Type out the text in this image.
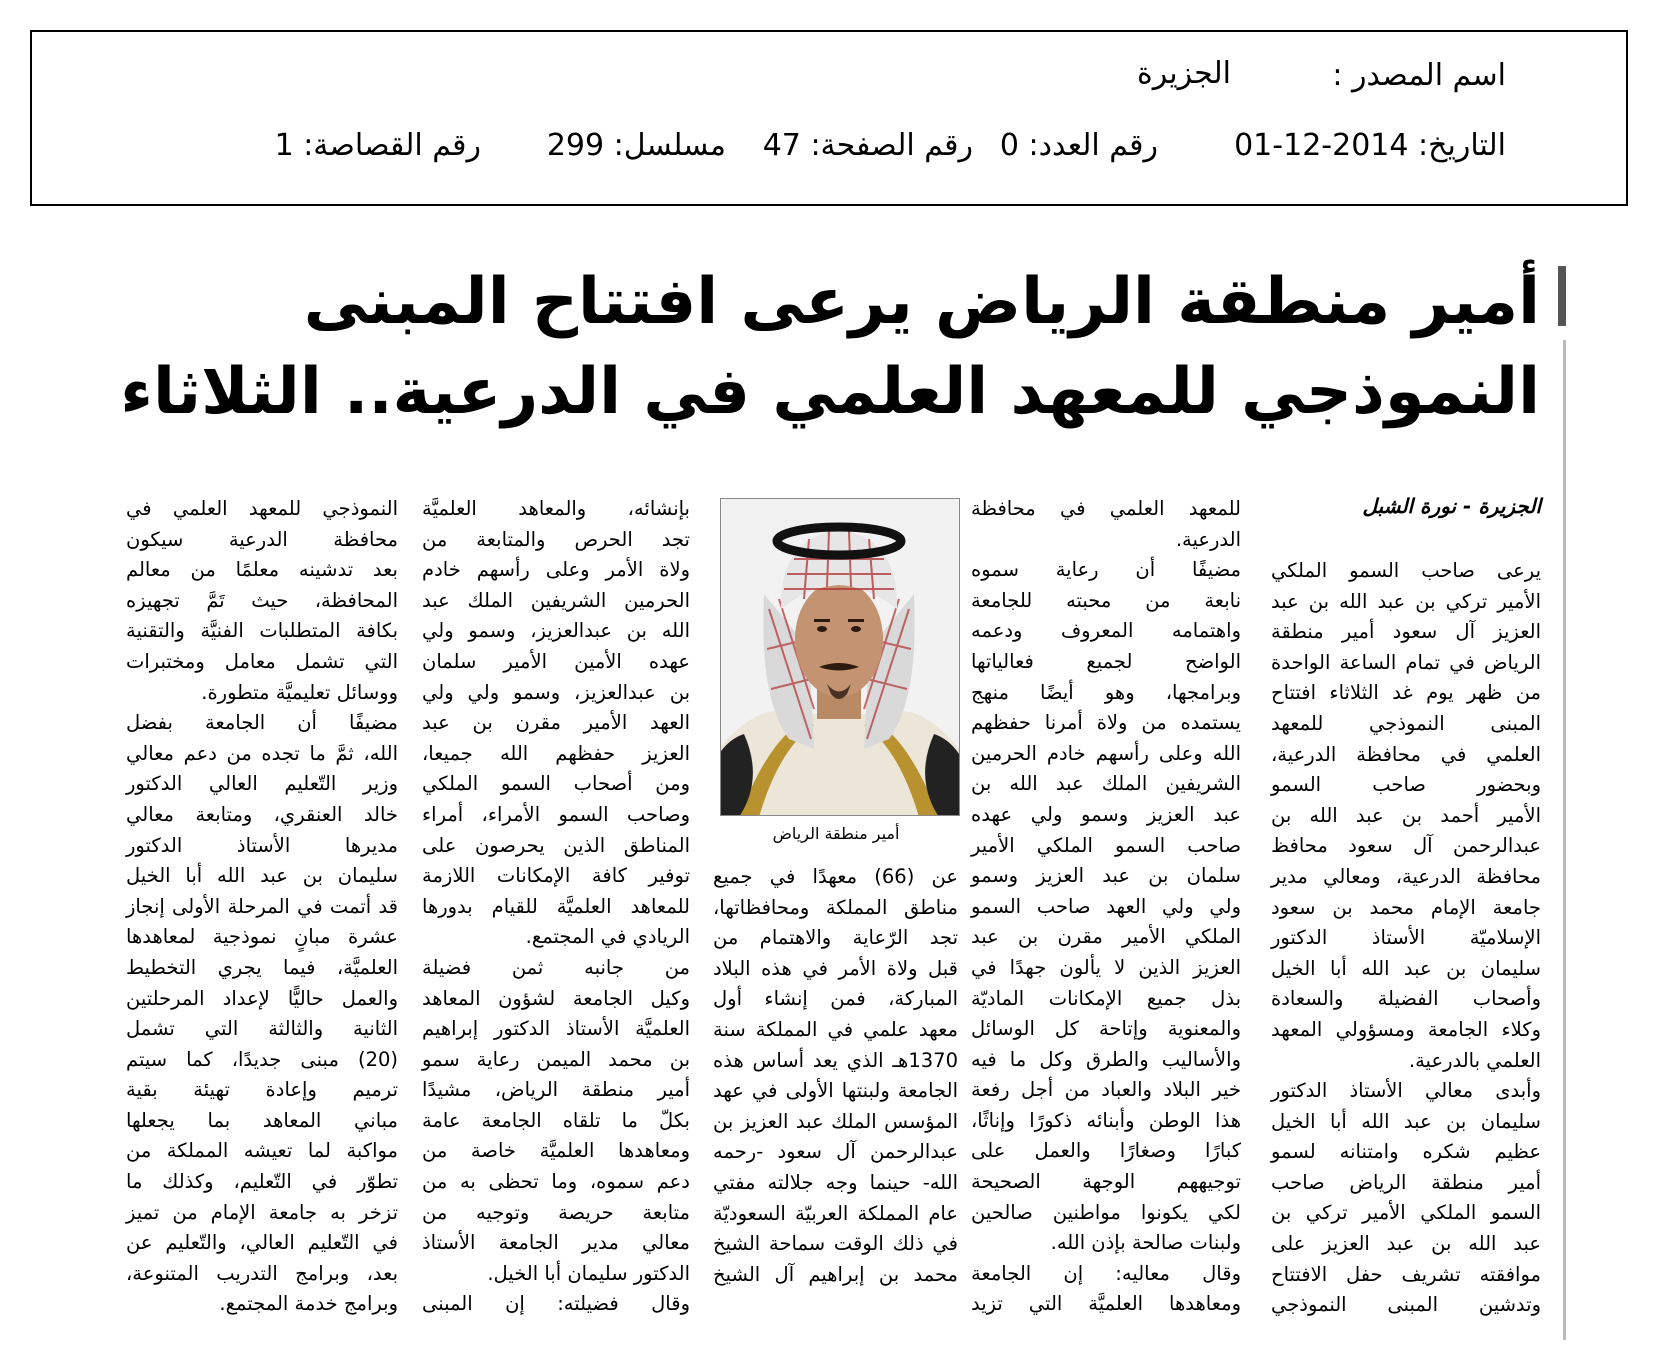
اسم المصدر :
الجزيرة
التاريخ: 2014-12-01
رقم العدد: 0
رقم الصفحة: 47
مسلسل: 299
رقم القصاصة: 1
أمير منطقة الرياض يرعى افتتاح المبنى
النموذجي للمعهد العلمي في الدرعية.. الثلاثاء
الجزيرة - نورة الشبل

يرعى صاحب السمو الملكي

الأمير تركي بن عبد الله بن عبد

العزيز آل سعود أمير منطقة

الرياض في تمام الساعة الواحدة

من ظهر يوم غد الثلاثاء افتتاح

المبنى النموذجي للمعهد

العلمي في محافظة الدرعية،

وبحضور صاحب السمو

الأمير أحمد بن عبد الله بن

عبدالرحمن آل سعود محافظ

محافظة الدرعية، ومعالي مدير

جامعة الإمام محمد بن سعود

الإسلاميّة الأستاذ الدكتور

سليمان بن عبد الله أبا الخيل

وأصحاب الفضيلة والسعادة

وكلاء الجامعة ومسؤولي المعهد

العلمي بالدرعية.

وأبدى معالي الأستاذ الدكتور

سليمان بن عبد الله أبا الخيل

عظيم شكره وامتنانه لسمو

أمير منطقة الرياض صاحب

السمو الملكي الأمير تركي بن

عبد الله بن عبد العزيز على

موافقته تشريف حفل الافتتاح

وتدشين المبنى النموذجي

للمعهد العلمي في محافظة

الدرعية.

مضيفًا أن رعاية سموه

نابعة من محبته للجامعة

واهتمامه المعروف ودعمه

الواضح لجميع فعالياتها

وبرامجها، وهو أيضًا منهج

يستمده من ولاة أمرنا حفظهم

الله وعلى رأسهم خادم الحرمين

الشريفين الملك عبد الله بن

عبد العزيز وسمو ولي عهده

صاحب السمو الملكي الأمير

سلمان بن عبد العزيز وسمو

ولي ولي العهد صاحب السمو

الملكي الأمير مقرن بن عبد

العزيز الذين لا يألون جهدًا في

بذل جميع الإمكانات الماديّة

والمعنوية وإتاحة كل الوسائل

والأساليب والطرق وكل ما فيه

خير البلاد والعباد من أجل رفعة

هذا الوطن وأبنائه ذكورًا وإناثًا،

كبارًا وصغارًا والعمل على

توجيههم الوجهة الصحيحة

لكي يكونوا مواطنين صالحين

ولبنات صالحة بإذن الله.

وقال معاليه: إن الجامعة

ومعاهدها العلميَّة التي تزيد

عن (66) معهدًا في جميع

مناطق المملكة ومحافظاتها،

تجد الرّعاية والاهتمام من

قبل ولاة الأمر في هذه البلاد

المباركة، فمن إنشاء أول

معهد علمي في المملكة سنة

1370هـ الذي يعد أساس هذه

الجامعة ولبنتها الأولى في عهد

المؤسس الملك عبد العزيز بن

عبدالرحمن آل سعود -رحمه

الله- حينما وجه جلالته مفتي

عام المملكة العربيّة السعوديّة

في ذلك الوقت سماحة الشيخ

محمد بن إبراهيم آل الشيخ

بإنشائه، والمعاهد العلميَّة

تجد الحرص والمتابعة من

ولاة الأمر وعلى رأسهم خادم

الحرمين الشريفين الملك عبد

الله بن عبدالعزيز، وسمو ولي

عهده الأمين الأمير سلمان

بن عبدالعزيز، وسمو ولي ولي

العهد الأمير مقرن بن عبد

العزيز حفظهم الله جميعا،

ومن أصحاب السمو الملكي

وصاحب السمو الأمراء، أمراء

المناطق الذين يحرصون على

توفير كافة الإمكانات اللازمة

للمعاهد العلميَّة للقيام بدورها

الريادي في المجتمع.

من جانبه ثمن فضيلة

وكيل الجامعة لشؤون المعاهد

العلميَّة الأستاذ الدكتور إبراهيم

بن محمد الميمن رعاية سمو

أمير منطقة الرياض، مشيدًا

بكلّ ما تلقاه الجامعة عامة

ومعاهدها العلميَّة خاصة من

دعم سموه، وما تحظى به من

متابعة حريصة وتوجيه من

معالي مدير الجامعة الأستاذ

الدكتور سليمان أبا الخيل.

وقال فضيلته: إن المبنى

النموذجي للمعهد العلمي في

محافظة الدرعية سيكون

بعد تدشينه معلمًا من معالم

المحافظة، حيث تَمَّ تجهيزه

بكافة المتطلبات الفنيَّة والتقنية

التي تشمل معامل ومختبرات

ووسائل تعليميَّة متطورة.

مضيفًا أن الجامعة بفضل

الله، ثمَّ ما تجده من دعم معالي

وزير التّعليم العالي الدكتور

خالد العنقري، ومتابعة معالي

مديرها الأستاذ الدكتور

سليمان بن عبد الله أبا الخيل

قد أتمت في المرحلة الأولى إنجاز

عشرة مبانٍ نموذجية لمعاهدها

العلميَّة، فيما يجري التخطيط

والعمل حاليًّا لإعداد المرحلتين

الثانية والثالثة التي تشمل

(20) مبنى جديدًا، كما سيتم

ترميم وإعادة تهيئة بقية

مباني المعاهد بما يجعلها

مواكبة لما تعيشه المملكة من

تطوّر في التّعليم، وكذلك ما

تزخر به جامعة الإمام من تميز

في التّعليم العالي، والتّعليم عن

بعد، وبرامج التدريب المتنوعة،

وبرامج خدمة المجتمع.

أمير منطقة الرياض
